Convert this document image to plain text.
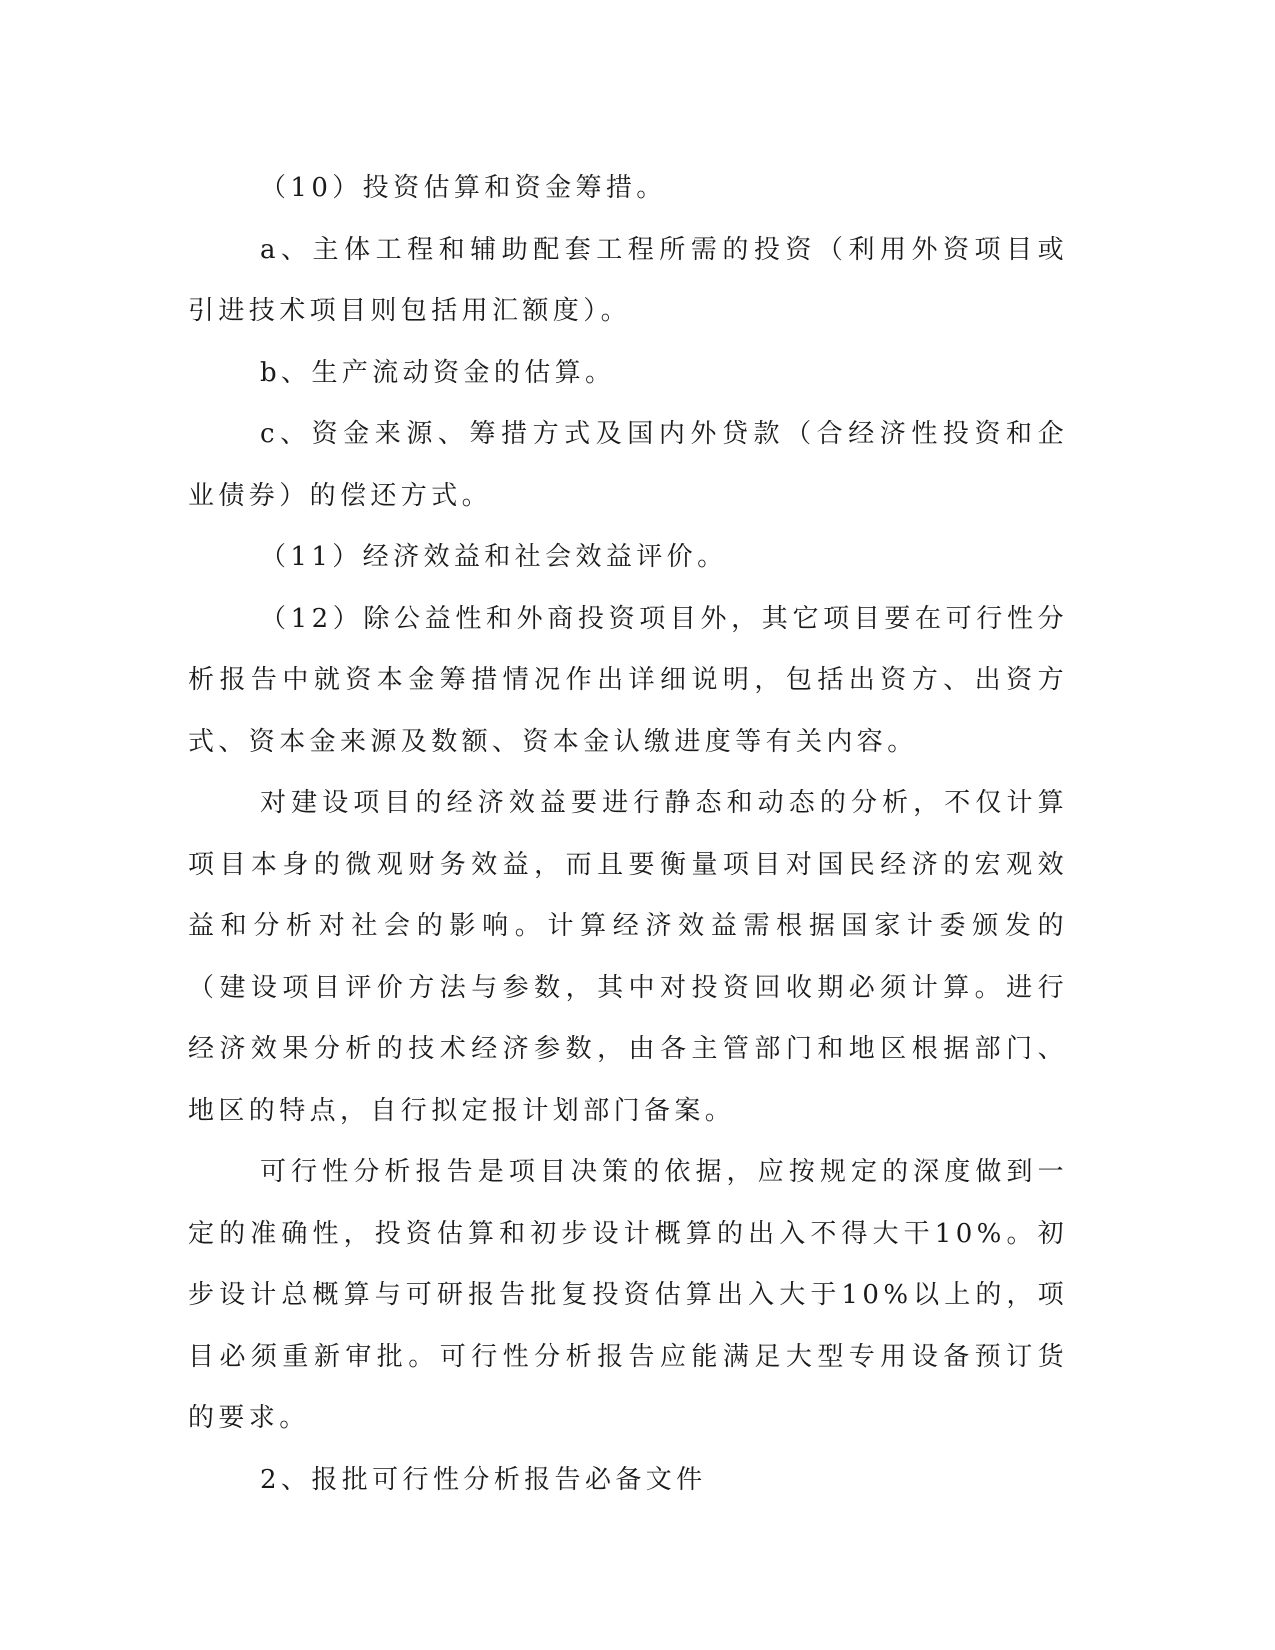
（10）投资估算和资金筹措。

a、主体工程和辅助配套工程所需的投资（利用外资项目或引进技术项目则包括用汇额度）。

b、生产流动资金的估算。

c、资金来源、筹措方式及国内外贷款（合经济性投资和企业债券）的偿还方式。

（11）经济效益和社会效益评价。

（12）除公益性和外商投资项目外，其它项目要在可行性分析报告中就资本金筹措情况作出详细说明，包括出资方、出资方式、资本金来源及数额、资本金认缴进度等有关内容。

对建设项目的经济效益要进行静态和动态的分析，不仅计算项目本身的微观财务效益，而且要衡量项目对国民经济的宏观效益和分析对社会的影响。计算经济效益需根据国家计委颁发的（建设项目评价方法与参数，其中对投资回收期必须计算。进行经济效果分析的技术经济参数，由各主管部门和地区根据部门、地区的特点，自行拟定报计划部门备案。

可行性分析报告是项目决策的依据，应按规定的深度做到一定的准确性，投资估算和初步设计概算的出入不得大干10%。初步设计总概算与可研报告批复投资估算出入大于10%以上的，项目必须重新审批。可行性分析报告应能满足大型专用设备预订货的要求。

2、报批可行性分析报告必备文件
